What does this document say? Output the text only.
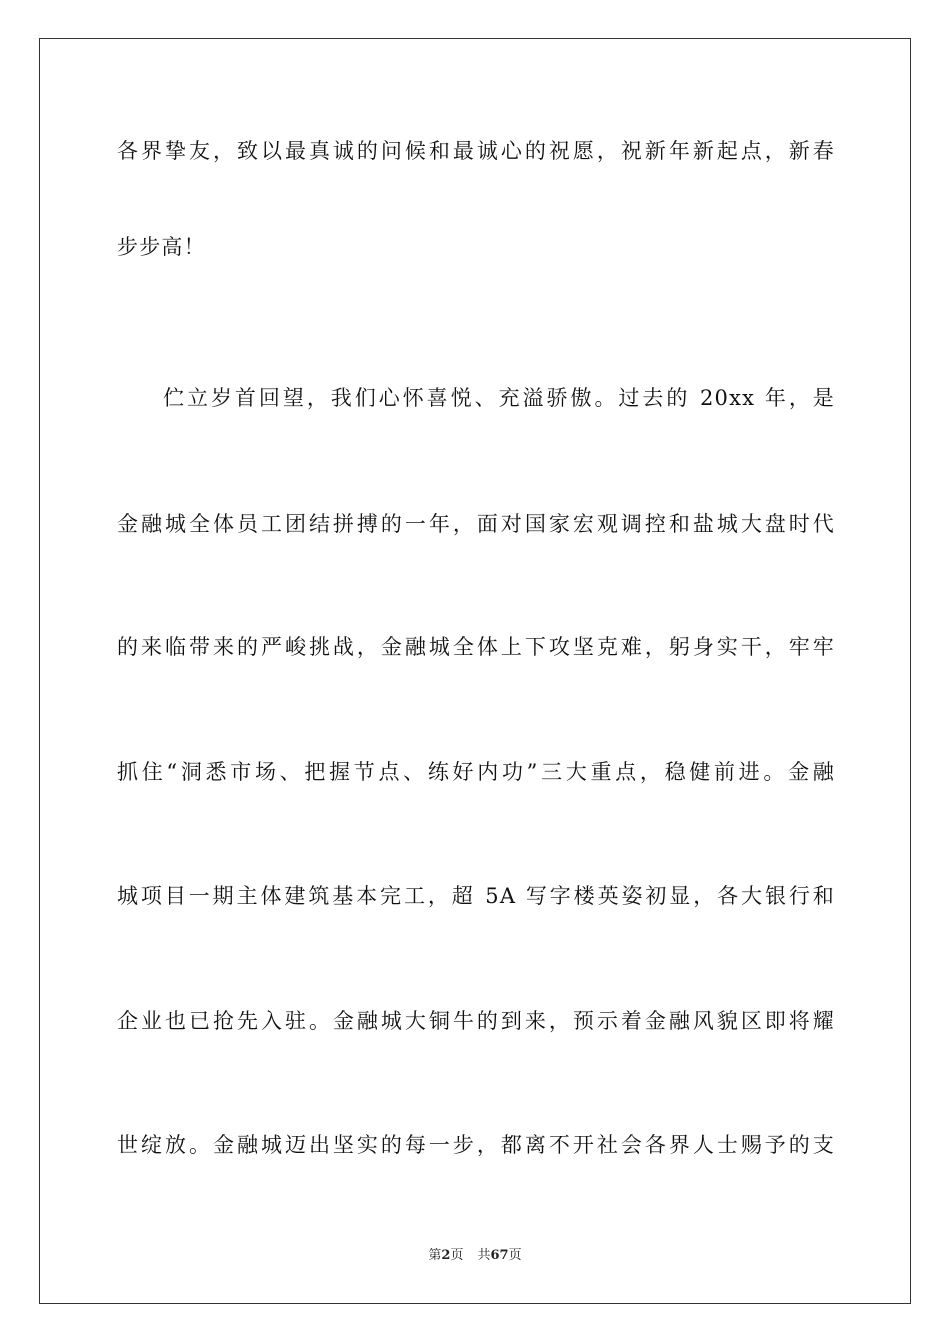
各界挚友，致以最真诚的问候和最诚心的祝愿，祝新年新起点，新春
步步高！
伫立岁首回望，我们心怀喜悦、充溢骄傲。过去的 20xx 年，是
金融城全体员工团结拼搏的一年，面对国家宏观调控和盐城大盘时代
的来临带来的严峻挑战，金融城全体上下攻坚克难，躬身实干，牢牢
抓住“洞悉市场、把握节点、练好内功”三大重点，稳健前进。金融
城项目一期主体建筑基本完工，超 5A 写字楼英姿初显，各大银行和
企业也已抢先入驻。金融城大铜牛的到来，预示着金融风貌区即将耀
世绽放。金融城迈出坚实的每一步，都离不开社会各界人士赐予的支
第2页 共67页
